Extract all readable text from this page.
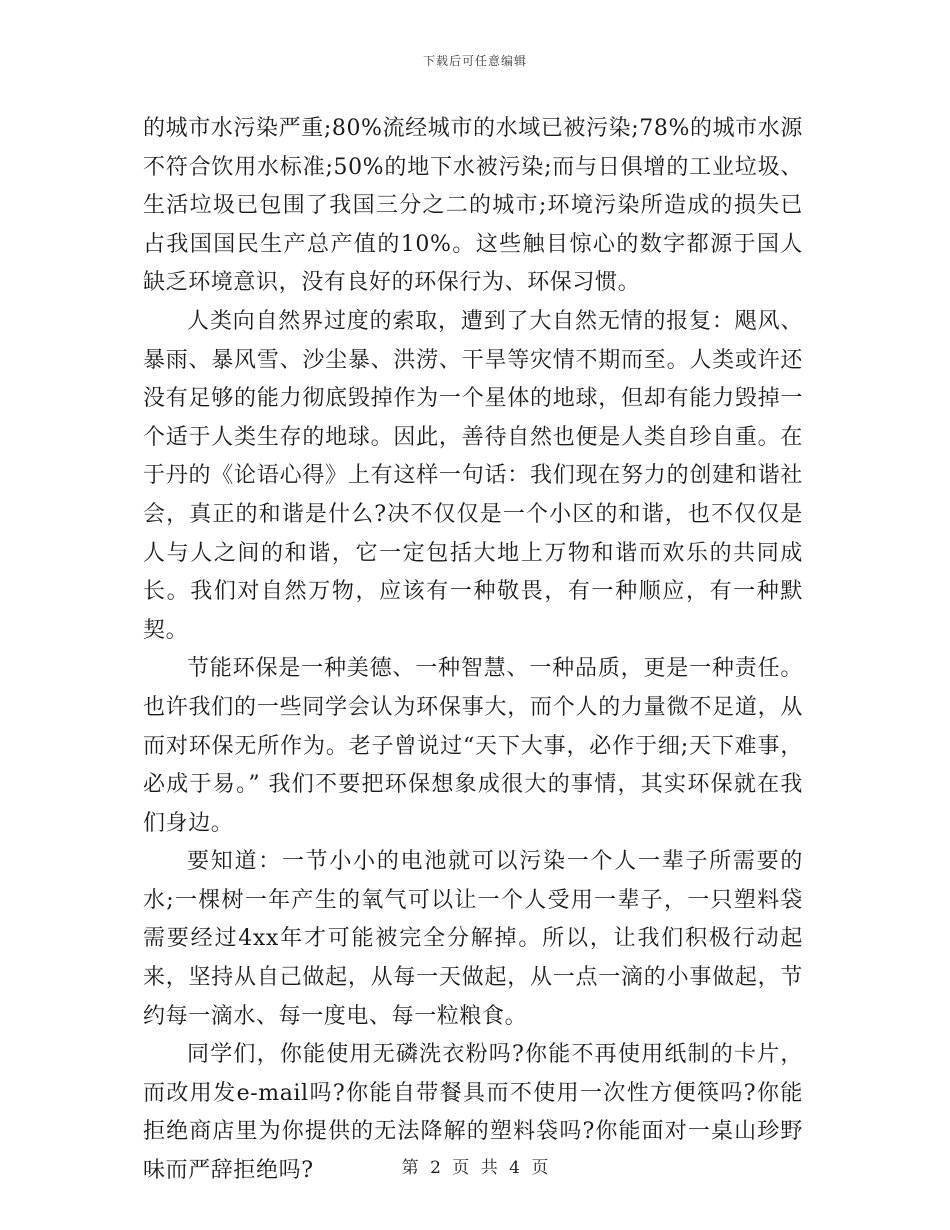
下载后可任意编辑

的城市水污染严重;80%流经城市的水域已被污染;78%的城市水源不符合饮用水标准;50%的地下水被污染;而与日俱增的工业垃圾、生活垃圾已包围了我国三分之二的城市;环境污染所造成的损失已占我国国民生产总产值的10%。这些触目惊心的数字都源于国人缺乏环境意识，没有良好的环保行为、环保习惯。

人类向自然界过度的索取，遭到了大自然无情的报复：飓风、暴雨、暴风雪、沙尘暴、洪涝、干旱等灾情不期而至。人类或许还没有足够的能力彻底毁掉作为一个星体的地球，但却有能力毁掉一个适于人类生存的地球。因此，善待自然也便是人类自珍自重。在于丹的《论语心得》上有这样一句话：我们现在努力的创建和谐社会，真正的和谐是什么?决不仅仅是一个小区的和谐，也不仅仅是人与人之间的和谐，它一定包括大地上万物和谐而欢乐的共同成长。我们对自然万物，应该有一种敬畏，有一种顺应，有一种默契。

节能环保是一种美德、一种智慧、一种品质，更是一种责任。也许我们的一些同学会认为环保事大，而个人的力量微不足道，从而对环保无所作为。老子曾说过“天下大事，必作于细;天下难事，必成于易。” 我们不要把环保想象成很大的事情，其实环保就在我们身边。

要知道：一节小小的电池就可以污染一个人一辈子所需要的水;一棵树一年产生的氧气可以让一个人受用一辈子，一只塑料袋需要经过4xx年才可能被完全分解掉。所以，让我们积极行动起来，坚持从自己做起，从每一天做起，从一点一滴的小事做起，节约每一滴水、每一度电、每一粒粮食。

同学们，你能使用无磷洗衣粉吗?你能不再使用纸制的卡片，而改用发e-mail吗?你能自带餐具而不使用一次性方便筷吗?你能拒绝商店里为你提供的无法降解的塑料袋吗?你能面对一桌山珍野味而严辞拒绝吗?	第 2 页 共 4 页
